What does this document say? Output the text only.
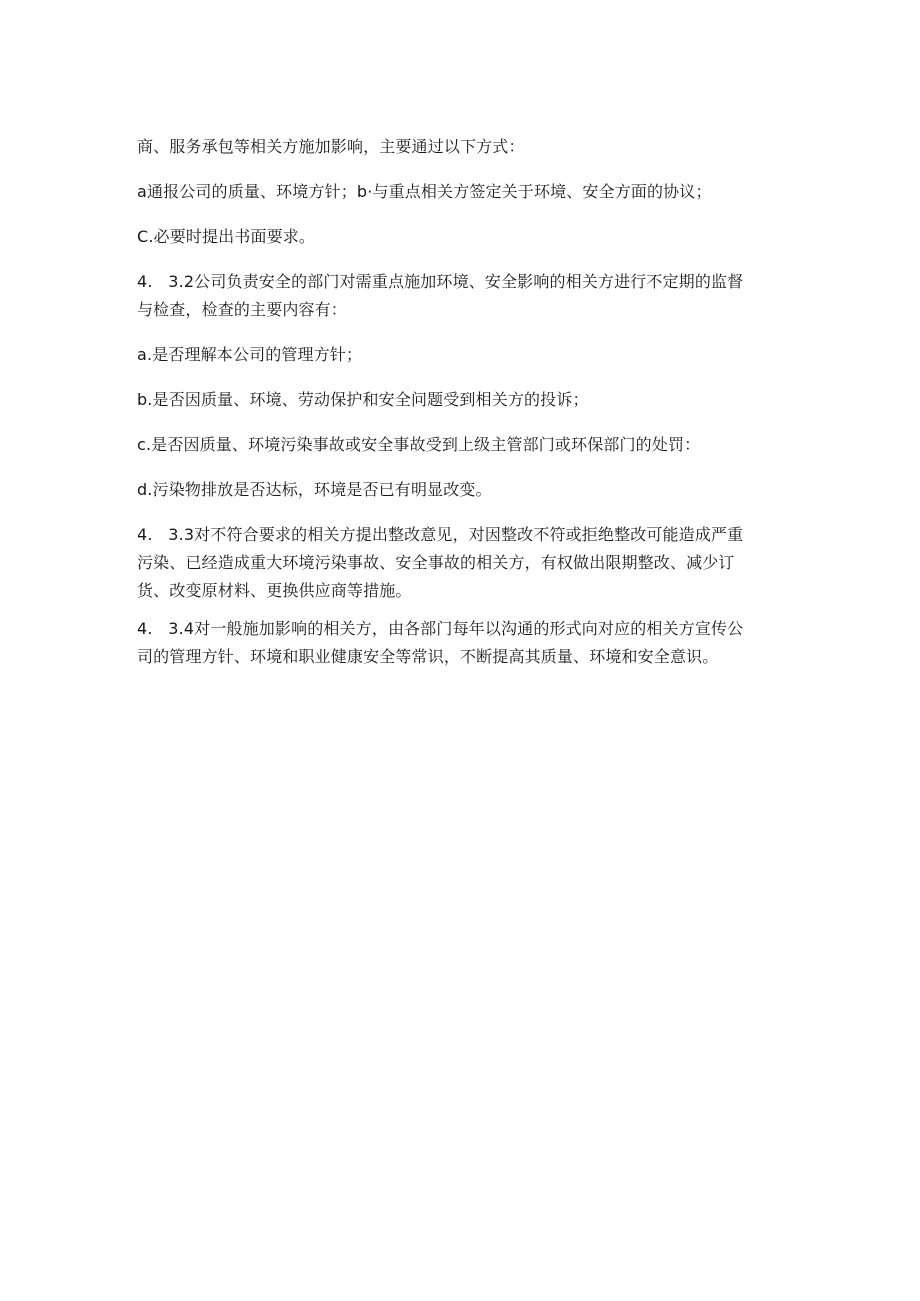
商、服务承包等相关方施加影响，主要通过以下方式：

a通报公司的质量、环境方针；b·与重点相关方签定关于环境、安全方面的协议；

C.必要时提出书面要求。

4.   3.2公司负责安全的部门对需重点施加环境、安全影响的相关方进行不定期的监督
与检查，检查的主要内容有：

a.是否理解本公司的管理方针；

b.是否因质量、环境、劳动保护和安全问题受到相关方的投诉；

c.是否因质量、环境污染事故或安全事故受到上级主管部门或环保部门的处罚：

d.污染物排放是否达标，环境是否已有明显改变。

4.   3.3对不符合要求的相关方提出整改意见，对因整改不符或拒绝整改可能造成严重
污染、已经造成重大环境污染事故、安全事故的相关方，有权做出限期整改、减少订
货、改变原材料、更换供应商等措施。

4.   3.4对一般施加影响的相关方，由各部门每年以沟通的形式向对应的相关方宣传公
司的管理方针、环境和职业健康安全等常识，不断提高其质量、环境和安全意识。
